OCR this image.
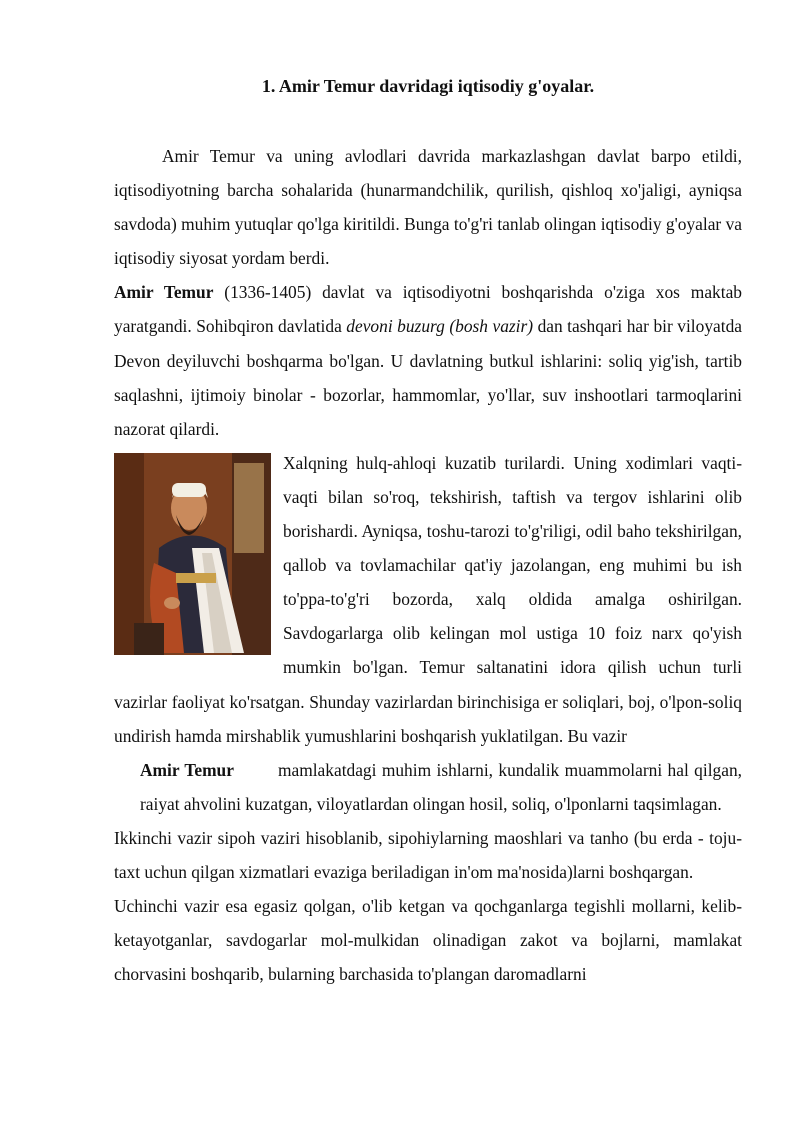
1. Amir Temur davridagi iqtisodiy g'oyalar.

Amir Temur va uning avlodlari davrida markazlashgan davlat barpo etildi, iqtisodiyotning barcha sohalarida (hunarmandchilik, qurilish, qishloq xo'jaligi, ayniqsa savdoda) muhim yutuqlar qo'lga kiritildi. Bunga to'g'ri tanlab olingan iqtisodiy g'oyalar va iqtisodiy siyosat yordam berdi.

Amir Temur (1336-1405) davlat va iqtisodiyotni boshqarishda o'ziga xos maktab yaratgandi. Sohibqiron davlatida devoni buzurg (bosh vazir) dan tashqari har bir viloyatda Devon deyiluvchi boshqarma bo'lgan. U davlatning butkul ishlarini: soliq yig'ish, tartib saqlashni, ijtimoiy binolar - bozorlar, hammomlar, yo'llar, suv inshootlari tarmoqlarini nazorat qilardi.

Xalqning hulq-ahloqi kuzatib turilardi. Uning xodimlari vaqti-vaqti bilan so'roq, tekshirish, taftish va tergov ishlarini olib borishardi. Ayniqsa, toshu-tarozi to'g'riligi, odil baho tekshirilgan, qallob va tovlamachilar qat'iy jazolangan, eng muhimi bu ish to'ppa-to'g'ri bozorda, xalq oldida amalga oshirilgan. Savdogarlarga olib kelingan mol ustiga 10 foiz narx qo'yish mumkin bo'lgan. Temur saltanatini idora qilish uchun turli vazirlar faoliyat ko'rsatgan. Shunday vazirlardan birinchisiga er soliqlari, boj, o'lpon-soliq undirish hamda mirshablik yumushlarini boshqarish yuklatilgan. Bu vazir

Amir Temur	mamlakatdagi muhim ishlarni, kundalik muammolarni hal qilgan, raiyat ahvolini kuzatgan, viloyatlardan olingan hosil, soliq, o'lponlarni taqsimlagan.

Ikkinchi vazir sipoh vaziri hisoblanib, sipohiylarning maoshlari va tanho (bu erda - toju-taxt uchun qilgan xizmatlari evaziga beriladigan in'om ma'nosida)larni boshqargan.

Uchinchi vazir esa egasiz qolgan, o'lib ketgan va qochganlarga tegishli mollarni, kelib-ketayotganlar, savdogarlar mol-mulkidan olinadigan zakot va bojlarni, mamlakat chorvasini boshqarib, bularning barchasida to'plangan daromadlarni
